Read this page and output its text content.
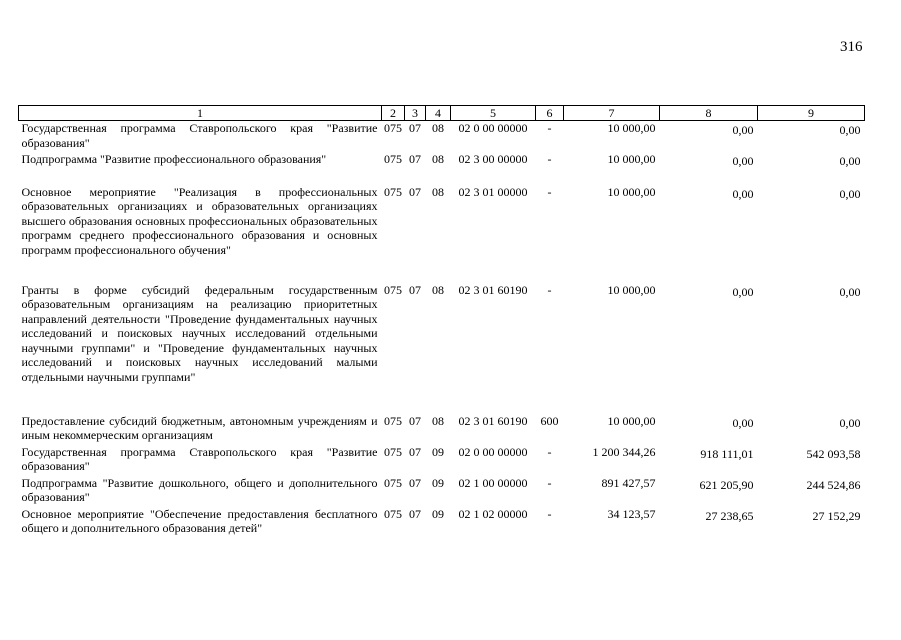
316
1	2	3	4	5	6	7	8	9
Государственная программа Ставропольского края "Развитие образования"	075	07	08	02 0 00 00000	-	10 000,00	0,00	0,00
Подпрограмма "Развитие профессионального образования"	075	07	08	02 3 00 00000	-	10 000,00	0,00	0,00
Основное мероприятие "Реализация в профессиональных образовательных организациях и образовательных организациях высшего образования основных профессиональных образовательных программ среднего профессионального образования и основных программ профессионального обучения"	075	07	08	02 3 01 00000	-	10 000,00	0,00	0,00
Гранты в форме субсидий федеральным государственным образовательным организациям на реализацию приоритетных направлений деятельности "Проведение фундаментальных научных исследований и поисковых научных исследований отдельными научными группами" и "Проведение фундаментальных научных исследований и поисковых научных исследований малыми отдельными научными группами"	075	07	08	02 3 01 60190	-	10 000,00	0,00	0,00
Предоставление субсидий бюджетным, автономным учреждениям и иным некоммерческим организациям	075	07	08	02 3 01 60190	600	10 000,00	0,00	0,00
Государственная программа Ставропольского края "Развитие образования"	075	07	09	02 0 00 00000	-	1 200 344,26	918 111,01	542 093,58
Подпрограмма "Развитие дошкольного, общего и дополнительного образования"	075	07	09	02 1 00 00000	-	891 427,57	621 205,90	244 524,86
Основное мероприятие "Обеспечение предоставления бесплатного общего и дополнительного образования детей"	075	07	09	02 1 02 00000	-	34 123,57	27 238,65	27 152,29
